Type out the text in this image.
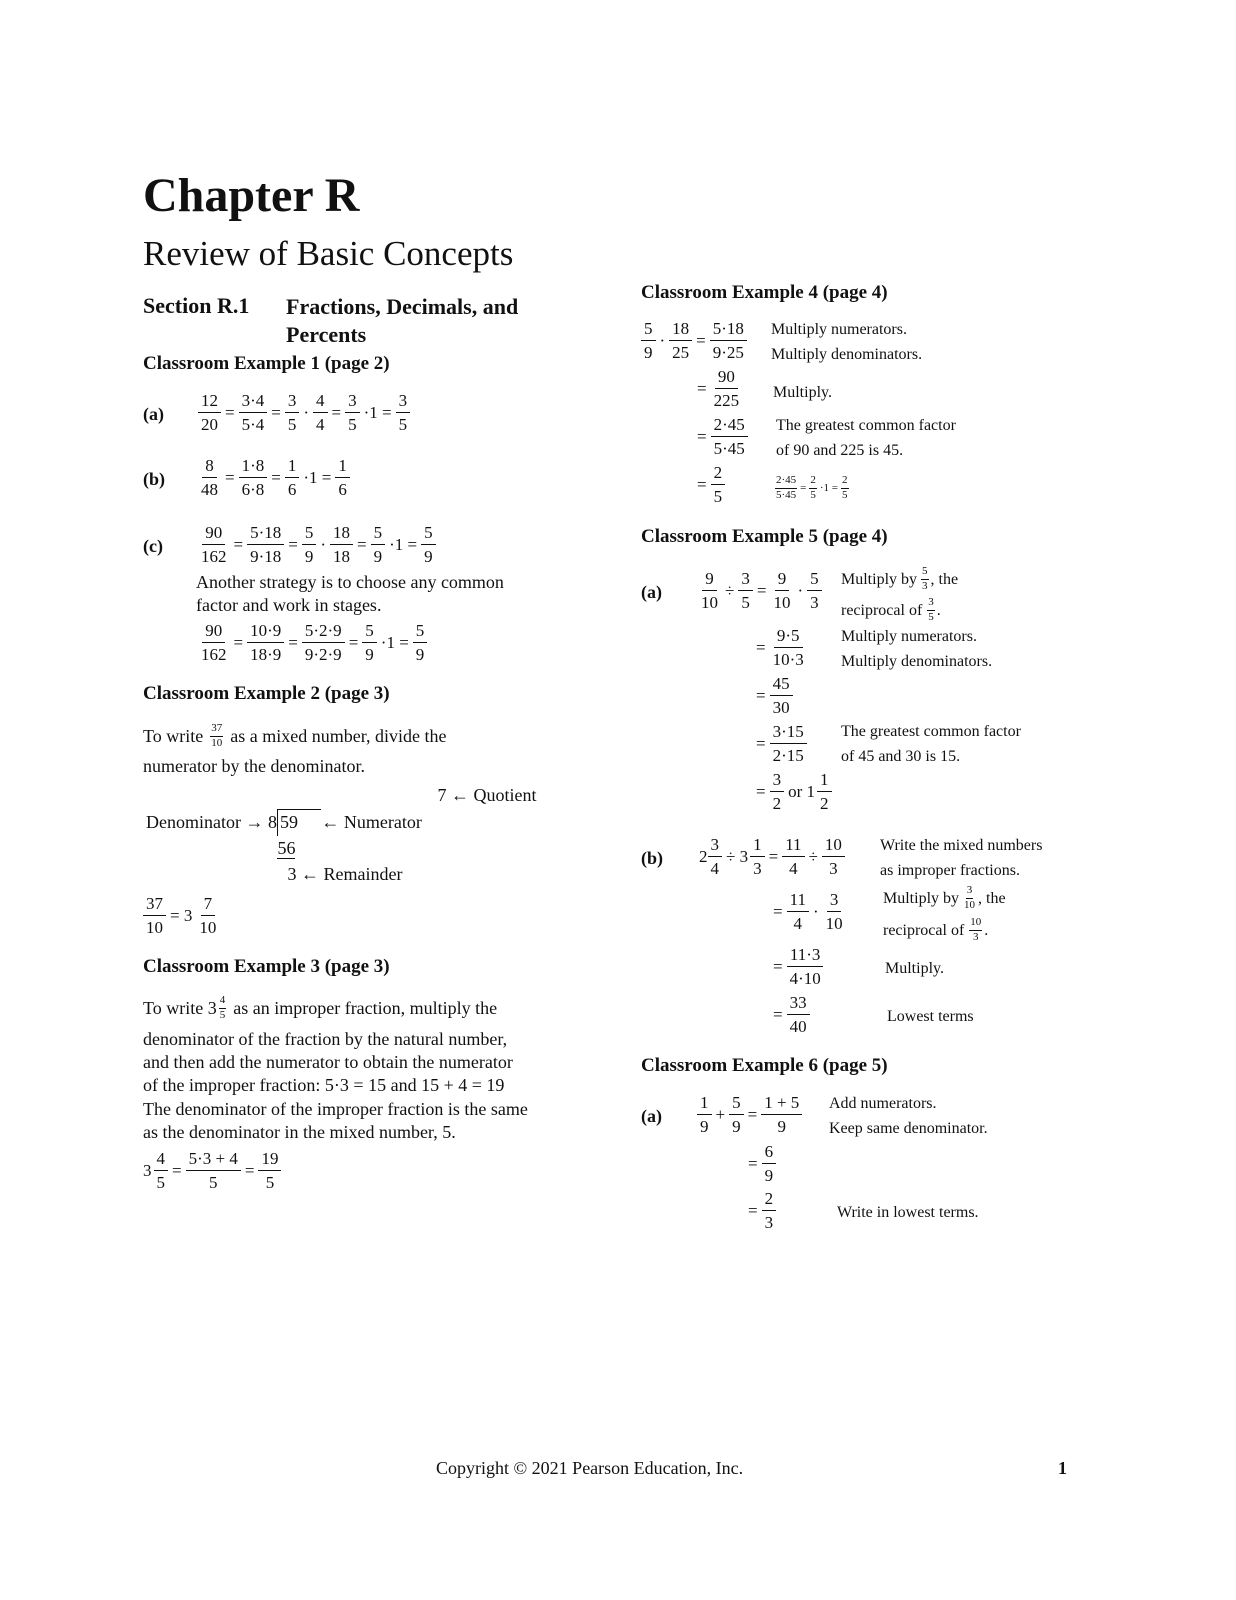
Chapter R
Review of Basic Concepts
Section R.1 Fractions, Decimals, and Percents
Classroom Example 1 (page 2)
$(a) \frac{12}{20} = \frac{3\cdot 4}{5\cdot 4} = \frac{3}{5} \cdot \frac{4}{4} = \frac{3}{5} \cdot 1 = \frac{3}{5}$
$(b) \frac{8}{48} = \frac{1\cdot 8}{6\cdot 8} = \frac{1}{6} \cdot 1 = \frac{1}{6}$
$(c) \frac{90}{162} = \frac{5\cdot 18}{9\cdot 18} = \frac{5}{9} \cdot \frac{18}{18} = \frac{5}{9} \cdot 1 = \frac{5}{9}$
Another strategy is to choose any common
factor and work in stages.
$\frac{90}{162} = \frac{10\cdot 9}{18\cdot 9} = \frac{5\cdot 2\cdot 9}{9\cdot 2\cdot 9} = \frac{5}{9} \cdot 1 = \frac{5}{9}$
Classroom Example 2 (page 3)
To write $\frac{37}{10}$ as a mixed number, divide the
numerator by the denominator.
	7 ← Quotient	
Denominator → 8	59	← Numerator
	56	
	3 ← Remainder	
$\frac{37}{10} = 3 \frac{7}{10}$
Classroom Example 3 (page 3)
To write $3 \frac{4}{5}$ as an improper fraction, multiply the
denominator of the fraction by the natural number,
and then add the numerator to obtain the numerator
of the improper fraction: 5·3 = 15 and 15 + 4 = 19
The denominator of the improper fraction is the same
as the denominator in the mixed number, 5.
$3 \frac{4}{5} = \frac{5\cdot 3 + 4}{5} = \frac{19}{5}$
Classroom Example 4 (page 4)
$\frac{5}{9} \cdot \frac{18}{25} = \frac{5\cdot 18}{9\cdot 25}$ Multiply numerators.
Multiply denominators.
= $\frac{90}{225}$ Multiply.
= $\frac{2\cdot 45}{5\cdot 45}$ The greatest common factor
of 90 and 225 is 45.
= $\frac{2}{5}$	$\frac{2\cdot 45}{5\cdot 45} = \frac{2}{5} \cdot 1 = \frac{2}{5}$
Classroom Example 5 (page 4)
$(a) \frac{9}{10} \div \frac{3}{5} = \frac{9}{10} \cdot \frac{5}{3}$ Multiply by $\frac{5}{3}$ , the
reciprocal of $\frac{3}{5}$ .
= $\frac{9\cdot 5}{10\cdot 3}$ Multiply numerators.
Multiply denominators.
= $\frac{45}{30}$
= $\frac{3\cdot 15}{2\cdot 15}$ The greatest common factor
of 45 and 30 is 15.
= $\frac{3}{2}$ or $1 \frac{1}{2}$
(b) $2 \frac{3}{4} \div 3 \frac{1}{3} = \frac{11}{4} \div \frac{10}{3}$ Write the mixed numbers
as improper fractions.
= $\frac{11}{4} \cdot \frac{3}{10}$ Multiply by $\frac{3}{10}$ , the
reciprocal of $\frac{10}{3}$ .
= $\frac{11\cdot 3}{4\cdot 10}$	Multiply.
= $\frac{33}{40}$	Lowest terms
Classroom Example 6 (page 5)
$(a) \frac{1}{9} + \frac{5}{9} = \frac{1 + 5}{9}$ Add numerators.
Keep same denominator.
= $\frac{6}{9}$
= $\frac{2}{3}$	Write in lowest terms.
Copyright © 2021 Pearson Education, Inc.	1
